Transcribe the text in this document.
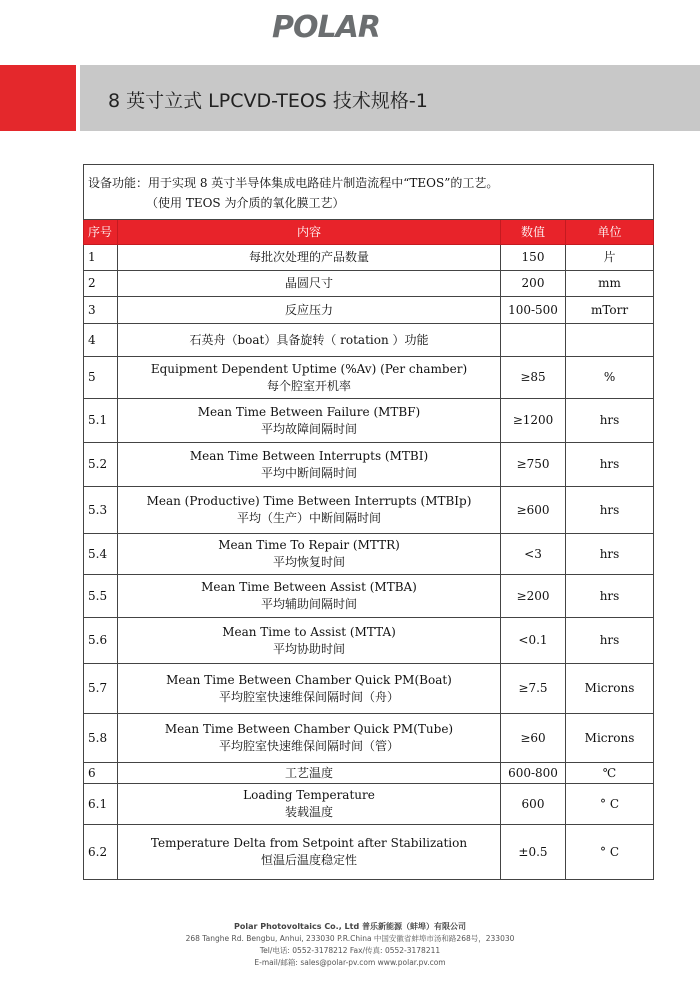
POLAR
8 英寸立式 LPCVD-TEOS 技术规格-1
设备功能：用于实现 8 英寸半导体集成电路硅片制造流程中“TEOS”的工艺。
（使用 TEOS 为介质的氧化膜工艺）			

序号	内容	数值	单位
1	每批次处理的产品数量	150	片
2	晶圆尺寸	200	mm
3	反应压力	100-500	mTorr
4	石英舟（boat）具备旋转（ rotation ）功能		

5	Equipment Dependent Uptime (%Av) (Per chamber)
每个腔室开机率	≥85	%
5.1	Mean Time Between Failure (MTBF)
平均故障间隔时间	≥1200	hrs
5.2	Mean Time Between Interrupts (MTBI)
平均中断间隔时间	≥750	hrs
5.3	Mean (Productive) Time Between Interrupts (MTBIp)
平均（生产）中断间隔时间	≥600	hrs
5.4	Mean Time To Repair (MTTR)
平均恢复时间	<3	hrs
5.5	Mean Time Between Assist (MTBA)
平均辅助间隔时间	≥200	hrs
5.6	Mean Time to Assist (MTTA)
平均协助时间	<0.1	hrs
5.7	Mean Time Between Chamber Quick PM(Boat)
平均腔室快速维保间隔时间（舟）	≥7.5	Microns
5.8	Mean Time Between Chamber Quick PM(Tube)
平均腔室快速维保间隔时间（管）	≥60	Microns
6	工艺温度	600-800	℃
6.1	Loading Temperature
装载温度	600	° C
6.2	Temperature Delta from Setpoint after Stabilization
恒温后温度稳定性	±0.5	° C
Polar Photovoltaics Co., Ltd 普乐新能源（蚌埠）有限公司
268 Tanghe Rd. Bengbu, Anhui, 233030 P.R.China 中国安徽省蚌埠市汤和路268号，233030
Tel/电话: 0552-3178212 Fax/传真: 0552-3178211
E-mail/邮箱: sales@polar-pv.com www.polar.pv.com
